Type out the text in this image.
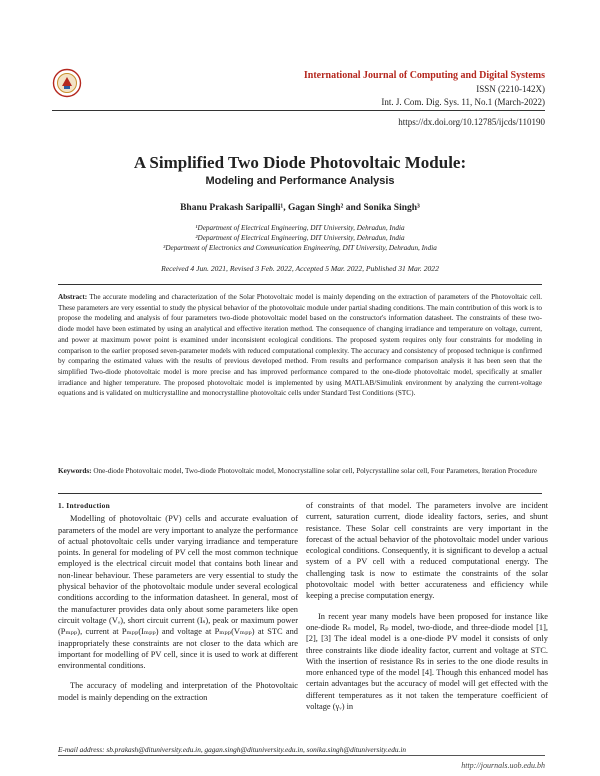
International Journal of Computing and Digital Systems
ISSN (2210-142X)
Int. J. Com. Dig. Sys. 11, No.1 (March-2022)
https://dx.doi.org/10.12785/ijcds/110190
A Simplified Two Diode Photovoltaic Module:
Modeling and Performance Analysis
Bhanu Prakash Saripalli¹, Gagan Singh² and Sonika Singh³
¹Department of Electrical Engineering, DIT University, Dehradun, India
²Department of Electrical Engineering, DIT University, Dehradun, India
³Department of Electronics and Communication Engineering, DIT University, Dehradun, India
Received 4 Jun. 2021, Revised 3 Feb. 2022, Accepted 5 Mar. 2022, Published 31 Mar. 2022
Abstract: The accurate modeling and characterization of the Solar Photovoltaic model is mainly depending on the extraction of parameters of the Photovoltaic cell. These parameters are very essential to study the physical behavior of the photovoltaic module under partial shading conditions. The main contribution of this work is to propose the modeling and analysis of four parameters two-diode photovoltaic model based on the constructor's information datasheet. The constraints of these two-diode model have been estimated by using an analytical and effective iteration method. The consequence of changing irradiance and temperature on voltage, current, and power at maximum power point is examined under inconsistent ecological conditions. The proposed system requires only four constraints for modeling in comparison to the earlier proposed seven-parameter models with reduced computational complexity. The accuracy and consistency of proposed technique is confirmed by comparing the estimated values with the results of previous developed method. From results and performance comparison analysis it has been seen that the simplified Two-diode photovoltaic model is more precise and has improved performance compared to the one-diode photovoltaic model, specifically at smaller irradiance and higher temperature. The proposed photovoltaic model is implemented by using MATLAB/Simulink environment by analyzing the current-voltage equations and is validated on multicrystalline and monocrystalline photovoltaic cells under Standard Test Conditions (STC).
Keywords: One-diode Photovoltaic model, Two-diode Photovoltaic model, Monocrystalline solar cell, Polycrystalline solar cell, Four Parameters, Iteration Procedure
1. Introduction

Modelling of photovoltaic (PV) cells and accurate evaluation of parameters of the model are very important to analyze the performance of actual photovoltaic cells under varying irradiance and temperature points. In general for modeling of PV cell the most common technique employed is the electrical circuit model that contains both linear and non-linear behaviour. These parameters are very essential to study the physical behavior of the photovoltaic module under several ecological conditions according to the information datasheet. In general, most of the manufacturer provides data only about some parameters like open circuit voltage (Vₒ), short circuit current (Iₛ), peak or maximum power (Pₘₚₚ), current at Pₘₚₚ(Iₘₚₚ) and voltage at Pₘₚₚ(Vₘₚₚ) at STC and inappropriately these constraints are not closer to the data which are important for modelling of PV cell, since it is used to work at different environmental conditions.

The accuracy of modeling and interpretation of the Photovoltaic model is mainly depending on the extraction

of constraints of that model. The parameters involve are incident current, saturation current, diode ideality factors, series, and shunt resistance. These Solar cell constraints are very important in the forecast of the actual behavior of the photovoltaic model under various ecological conditions. Consequently, it is significant to develop a actual system of a PV cell with a reduced computational energy. The challenging task is now to estimate the constraints of the solar photovoltaic model with better accurateness and efficiency while keeping a precise computation energy.

In recent year many models have been proposed for instance like one-diode Rₛ model, Rₚ model, two-diode, and three-diode model [1], [2], [3] The ideal model is a one-diode PV model it consists of only three constraints like diode ideality factor, current and voltage at STC. With the insertion of resistance Rs in series to the one diode results in more enhanced type of the model [4]. Though this enhanced model has certain advantages but the accuracy of model will get effected with the different temperatures as it not taken the temperature coefficient of voltage (γᵥ) in

E-mail address: sb.prakash@dituniversity.edu.in, gagan.singh@dituniversity.edu.in, sonika.singh@dituniversity.edu.in
http://journals.uob.edu.bh
